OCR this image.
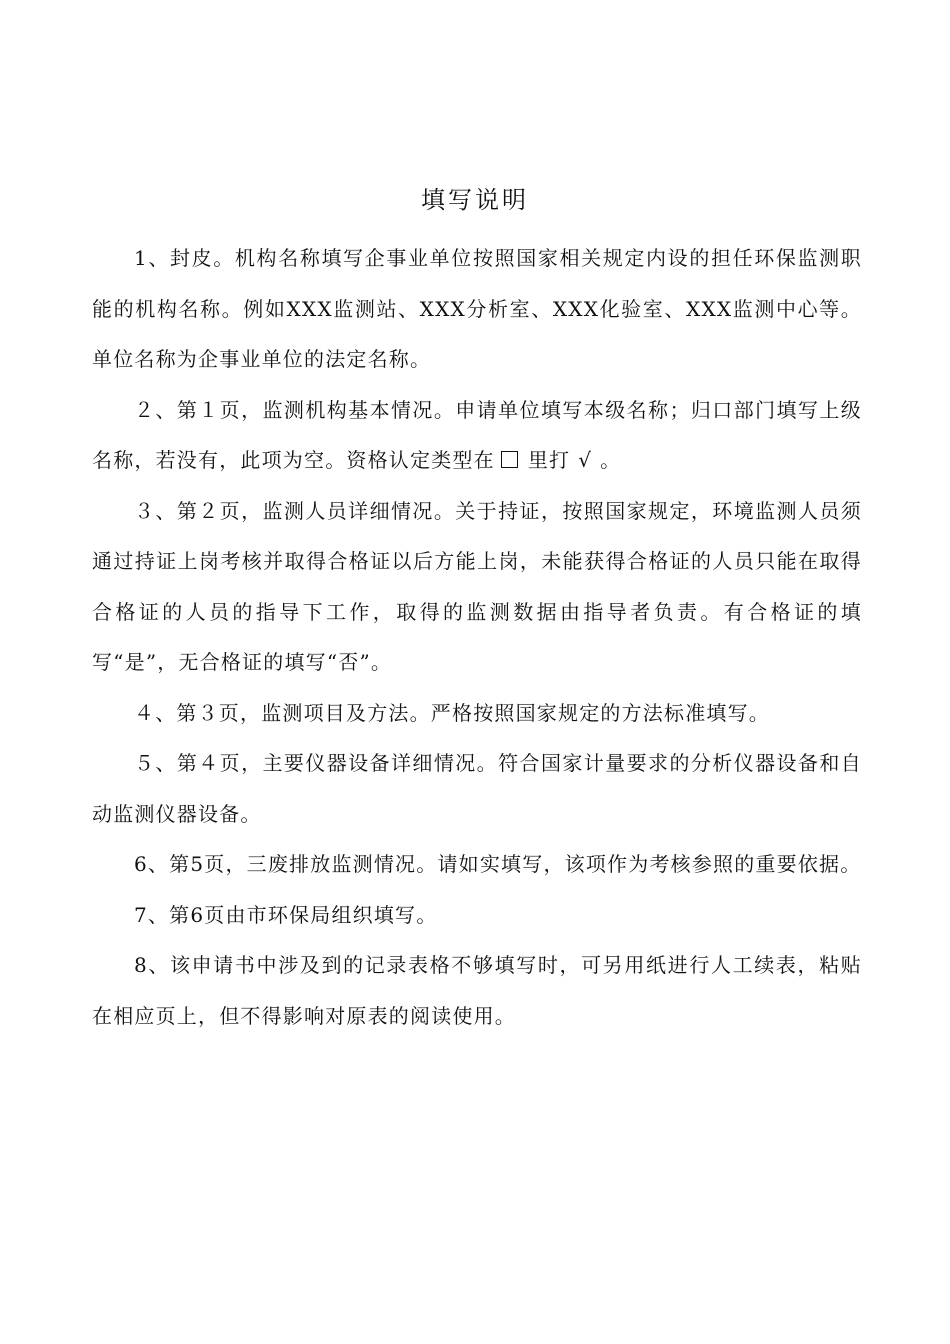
填写说明

1、封皮。机构名称填写企事业单位按照国家相关规定内设的担任环保监测职能的机构名称。例如XXX监测站、XXX分析室、XXX化验室、XXX监测中心等。单位名称为企事业单位的法定名称。

２、第１页，监测机构基本情况。申请单位填写本级名称；归口部门填写上级名称，若没有，此项为空。资格认定类型在 里打 √ 。

３、第２页，监测人员详细情况。关于持证，按照国家规定，环境监测人员须通过持证上岗考核并取得合格证以后方能上岗，未能获得合格证的人员只能在取得合格证的人员的指导下工作，取得的监测数据由指导者负责。有合格证的填写“是”，无合格证的填写“否”。

４、第３页，监测项目及方法。严格按照国家规定的方法标准填写。

５、第４页，主要仪器设备详细情况。符合国家计量要求的分析仪器设备和自动监测仪器设备。

6、第5页，三废排放监测情况。请如实填写，该项作为考核参照的重要依据。

7、第6页由市环保局组织填写。

8、该申请书中涉及到的记录表格不够填写时，可另用纸进行人工续表，粘贴在相应页上，但不得影响对原表的阅读使用。
